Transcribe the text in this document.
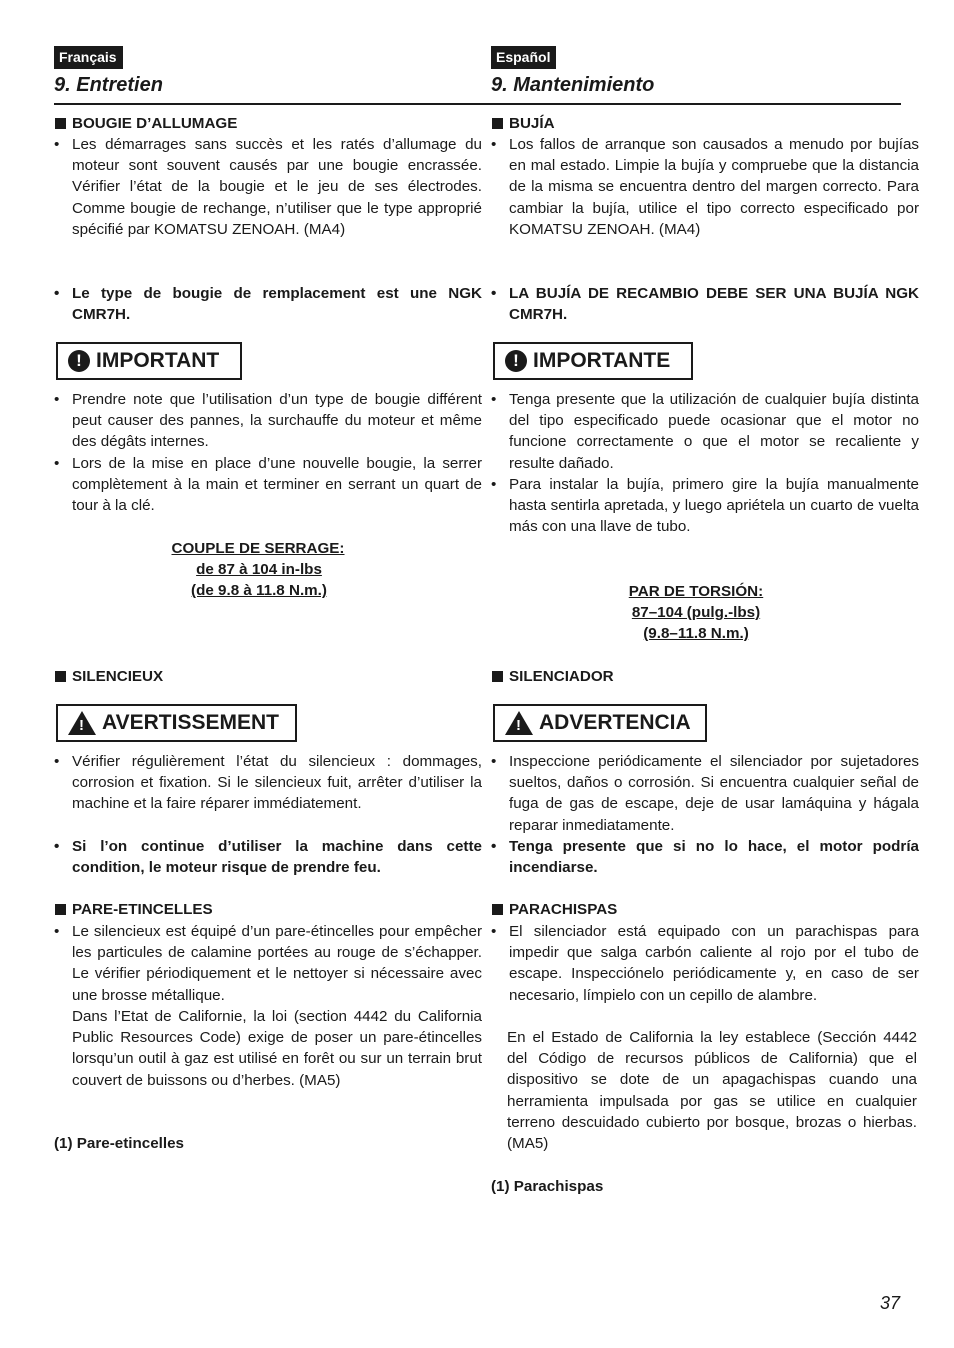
Français
9. Entretien
BOUGIE D’ALLUMAGE
• Les démarrages sans succès et les ratés d’allumage du moteur sont souvent causés par une bougie encrassée. Vérifier l’état de la bougie et le jeu de ses électrodes. Comme bougie de rechange, n’utiliser que le type approprié spécifié par KOMATSU ZENOAH. (MA4)
• Le type de bougie de remplacement est une NGK CMR7H.
! IMPORTANT
• Prendre note que l’utilisation d’un type de bougie différent peut causer des pannes, la surchauffe du moteur et même des dégâts internes.
• Lors de la mise en place d’une nouvelle bougie, la serrer complètement à la main et terminer en serrant un quart de tour à la clé.
COUPLE DE SERRAGE:
de 87 à 104 in-lbs
(de 9.8 à 11.8 N.m.)
SILENCIEUX
! AVERTISSEMENT
• Vérifier régulièrement l’état du silencieux : dommages, corrosion et fixation. Si le silencieux fuit, arrêter d’utiliser la machine et la faire réparer immédiatement.
• Si l’on continue d’utiliser la machine dans cette condition, le moteur risque de prendre feu.
PARE-ETINCELLES
• Le silencieux est équipé d’un pare-étincelles pour empêcher les particules de calamine portées au rouge de s’échapper. Le vérifier périodiquement et le nettoyer si nécessaire avec une brosse métallique.
Dans l’Etat de Californie, la loi (section 4442 du California Public Resources Code) exige de poser un pare-étincelles lorsqu’un outil à gaz est utilisé en forêt ou sur un terrain brut couvert de buissons ou d’herbes. (MA5)
(1) Pare-etincelles
Español
9. Mantenimiento
BUJÍA
• Los fallos de arranque son causados a menudo por bujías en mal estado. Limpie la bujía y compruebe que la distancia de la misma se encuentra dentro del margen correcto. Para cambiar la bujía, utilice el tipo correcto especificado por KOMATSU ZENOAH. (MA4)
• LA BUJÍA DE RECAMBIO DEBE SER UNA BUJÍA NGK CMR7H.
! IMPORTANTE
• Tenga presente que la utilización de cualquier bujía distinta del tipo especificado puede ocasionar que el motor no funcione correctamente o que el motor se recaliente y resulte dañado.
• Para instalar la bujía, primero gire la bujía manualmente hasta sentirla apretada, y luego apriételа un cuarto de vuelta más con una llave de tubo.
PAR DE TORSIÓN:
87–104 (pulg.-lbs)
(9.8–11.8 N.m.)
SILENCIADOR
! ADVERTENCIA
• Inspeccione periódicamente el silenciador por sujetadores sueltos, daños o corrosión. Si encuentra cualquier señal de fuga de gas de escape, deje de usar lamáquina y hágala reparar inmediatamente.
• Tenga presente que si no lo hace, el motor podría incendiarse.
PARACHISPAS
• El silenciador está equipado con un parachispas para impedir que salga carbón caliente al rojo por el tubo de escape. Inspecciónelo periódicamente y, en caso de ser necesario, límpielo con un cepillo de alambre.
En el Estado de California la ley establece (Sección 4442 del Código de recursos públicos de California) que el dispositivo se dote de un apagachispas cuando una herramienta impulsada por gas se utilice en cualquier terreno descuidado cubierto por bosque, brozas o hierbas. (MA5)
(1) Parachispas
37
